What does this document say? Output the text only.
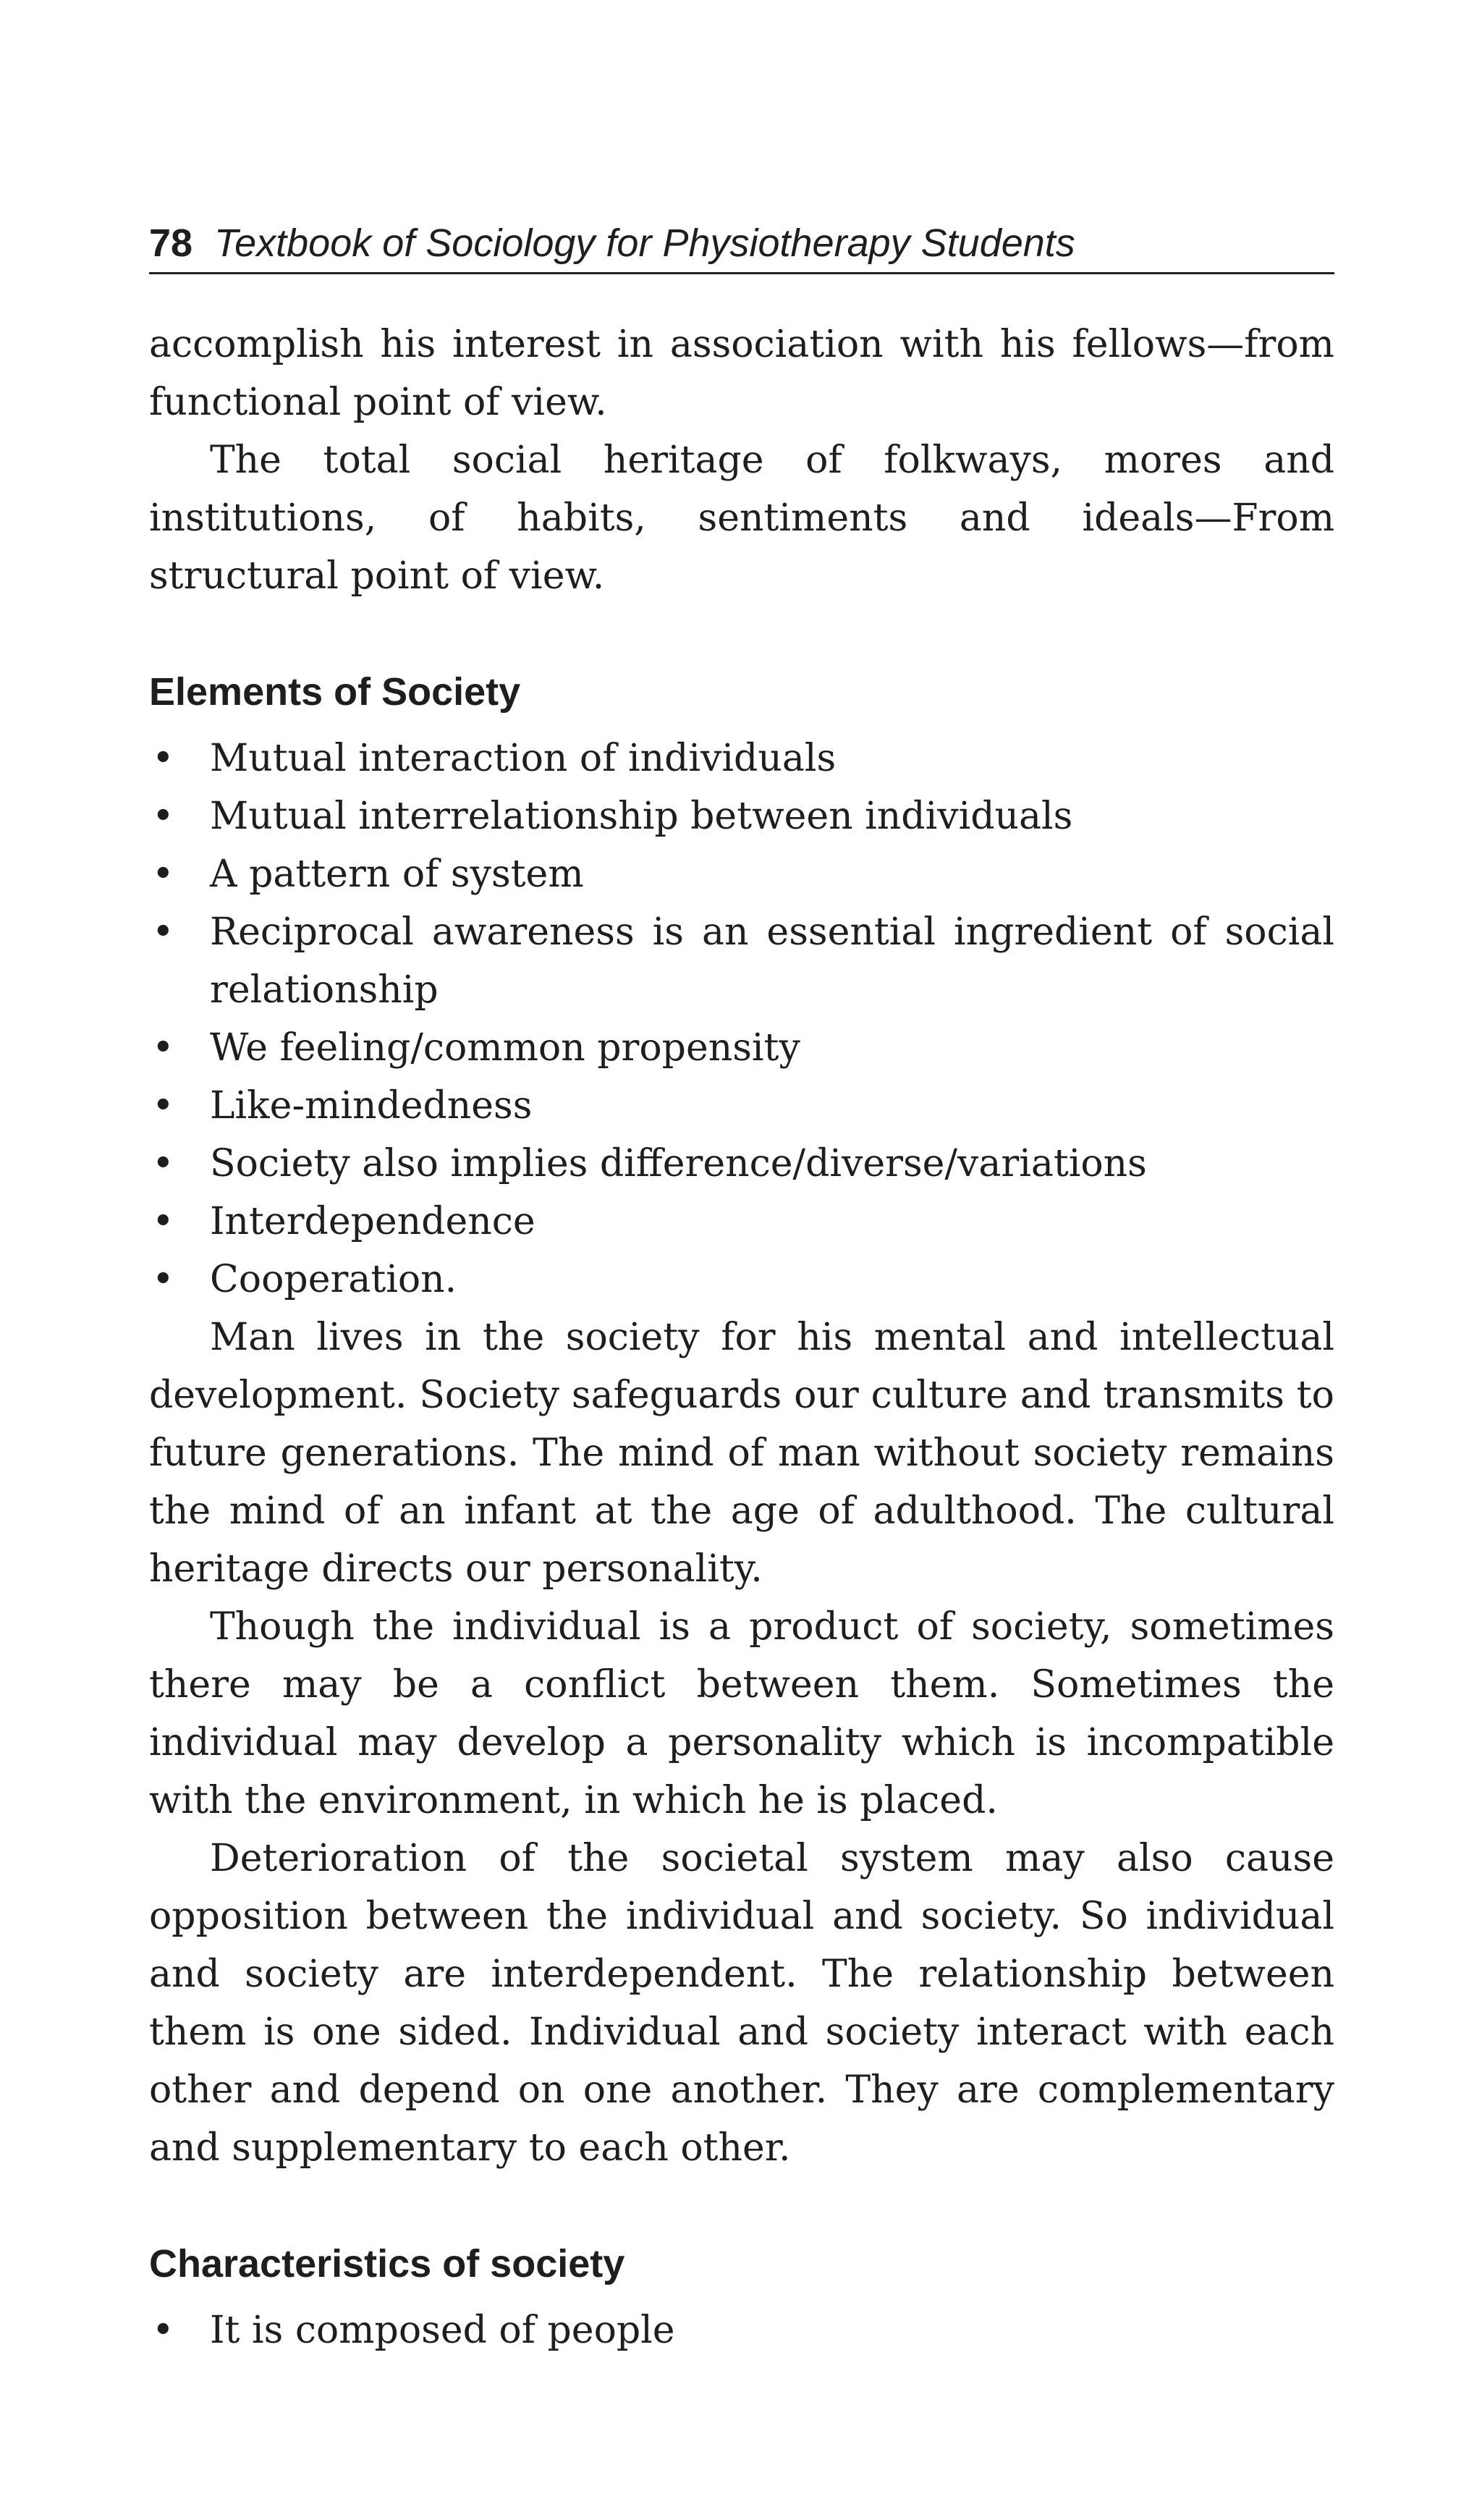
78 Textbook of Sociology for Physiotherapy Students

accomplish his interest in association with his fellows—from functional point of view.

The total social heritage of folkways, mores and institutions, of habits, sentiments and ideals—From structural point of view.

Elements of Society
• Mutual interaction of individuals
• Mutual interrelationship between individuals
• A pattern of system
• Reciprocal awareness is an essential ingredient of social relationship
• We feeling/common propensity
• Like-mindedness
• Society also implies difference/diverse/variations
• Interdependence
• Cooperation.

Man lives in the society for his mental and intellectual development. Society safeguards our culture and transmits to future generations. The mind of man without society remains the mind of an infant at the age of adulthood. The cultural heritage directs our personality.

Though the individual is a product of society, sometimes there may be a conflict between them. Sometimes the individual may develop a personality which is incompatible with the environment, in which he is placed.

Deterioration of the societal system may also cause opposition between the individual and society. So individual and society are interdependent. The relationship between them is one sided. Individual and society interact with each other and depend on one another. They are complementary and supplementary to each other.

Characteristics of society
• It is composed of people
